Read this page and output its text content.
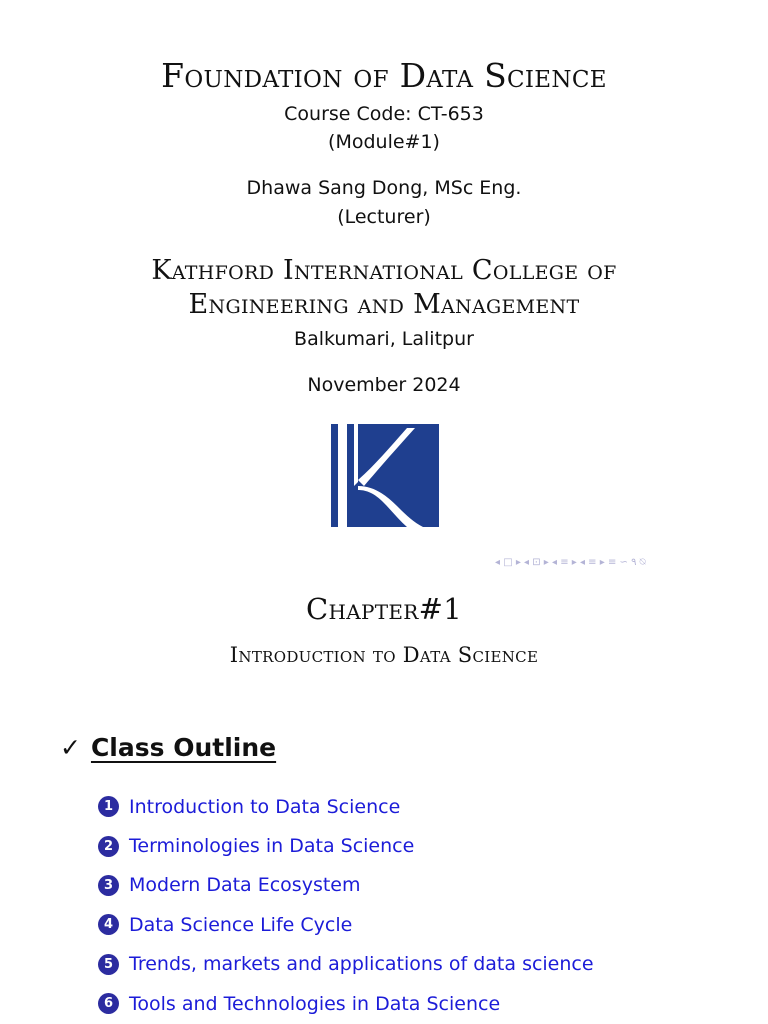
Foundation of Data Science
Course Code: CT-653
(Module#1)
Dhawa Sang Dong, MSc Eng.
(Lecturer)
Kathford International College of
Engineering and Management
Balkumari, Lalitpur
November 2024
◂ □ ▸ ◂ ⊡ ▸ ◂ ≡ ▸ ◂ ≡ ▸ ≡ ∽ ۹ ⍉
Chapter#1
Introduction to Data Science
✓ Class Outline
1 Introduction to Data Science
2 Terminologies in Data Science
3 Modern Data Ecosystem
4 Data Science Life Cycle
5 Trends, markets and applications of data science
6 Tools and Technologies in Data Science
